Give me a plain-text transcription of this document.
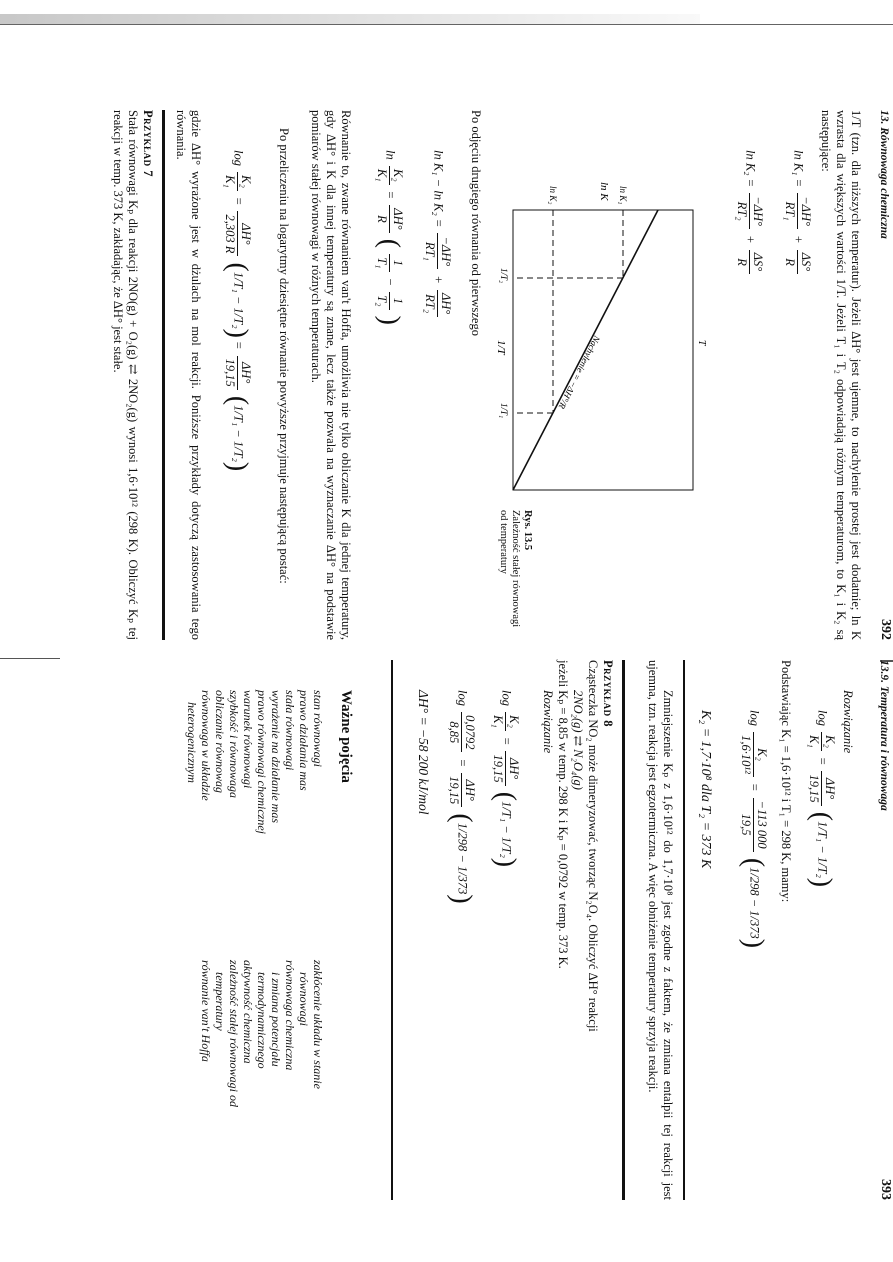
13. Równowaga chemiczna
392

1/T (tzn. dla niższych temperatur). Jeżeli ΔH° jest ujemne, to nachylenie prostej jest dodatnie; ln K wzrasta dla większych wartości 1/T. Jeżeli T₁ i T₂ odpowiadają różnym temperaturom, to K₁ i K₂ są następujące:

ln K₁ =
−ΔH°
RT₁
+
ΔS°
R
ln K₂ =
−ΔH°
RT₂
+
ΔS°
R
ln K ln K₁
ln K₂
1/T	T
1/T₂
1/T₁
Nachylenie = −ΔH°/R
Rys. 13.5
Zależność stałej równowagi od temperatury

Po odjęciu drugiego równania od pierwszego

ln K₁ − ln K₂ =
−ΔH°
RT₁
+
ΔH°
RT₂
ln
K₂
K₁
=
ΔH°
R
(
1
T₁
−
1
T₂
)

Równanie to, zwane równaniem van't Hoffa, umożliwia nie tylko obliczanie K dla jednej temperatury, gdy ΔH° i K dla innej temperatury są znane, lecz także pozwala na wyznaczanie ΔH° na podstawie pomiarów stałej równowagi w różnych temperaturach.

Po przeliczeniu na logarytmy dziesiętne równanie powyższe przyjmuje następującą postać:

log
K₂
K₁
=
ΔH°
2,303 R
(1/T₁ − 1/T₂) =
ΔH°
19,15
(1/T₁ − 1/T₂)

gdzie ΔH° wyrażone jest w dżulach na mol reakcji. Poniższe przykłady dotyczą zastosowania tego równania.

Przykład 7

Stała równowagi Kₚ dla reakcji 2NO(g) + O₂(g) ⇄ 2NO₂(g) wynosi 1,6·10¹² (298 K). Obliczyć Kₚ tej reakcji w temp. 373 K, zakładając, że ΔH° jest stałe.

13.9. Temperatura i równowaga
393
Rozwiązanie
log
K₂
K₁
=
ΔH°
19,15
(1/T₁ − 1/T₂)

Podstawiając K₁ = 1,6·10¹² i T₁ = 298 K, mamy:

log
K₂
1,6·10¹²
=
−113 000
19,5
(1/298 − 1/373)
K₂ = 1,7·10⁸ dla T₂ = 373 K

Zmniejszenie Kₚ z 1,6·10¹² do 1,7·10⁸ jest zgodne z faktem, że zmiana entalpii tej reakcji jest ujemna, tzn. reakcja jest egzotermiczna. A więc obniżenie temperatury sprzyja reakcji.

Przykład 8

Cząsteczka NO₂ może dimeryzować, tworząc N₂O₄. Obliczyć ΔH° reakcji

2NO₂(g) ⇄ N₂O₄(g)

jeżeli Kₚ = 8,85 w temp. 298 K i Kₚ = 0,0792 w temp. 373 K.

Rozwiązanie
log
K₂
K₁
=
ΔH°
19,15
(1/T₁ − 1/T₂)
log
0,0792
8,85
=
ΔH°
19,15
(1/298 − 1/373)
ΔH° = −58 200 kJ/mol
Ważne pojęcia
stan równowagi
prawo działania mas
stała równowagi
wyrażenie na działanie mas
prawo równowagi chemicznej
warunek równowagi
szybkość i równowaga
obliczanie równowag
równowaga w układzie
heterogenicznym
zakłócenie układu w stanie
równowagi
równowaga chemiczna
i zmiana potencjału
termodynamicznego
aktywność chemiczna
zależność stałej równowagi od
temperatury
równanie van't Hoffa
